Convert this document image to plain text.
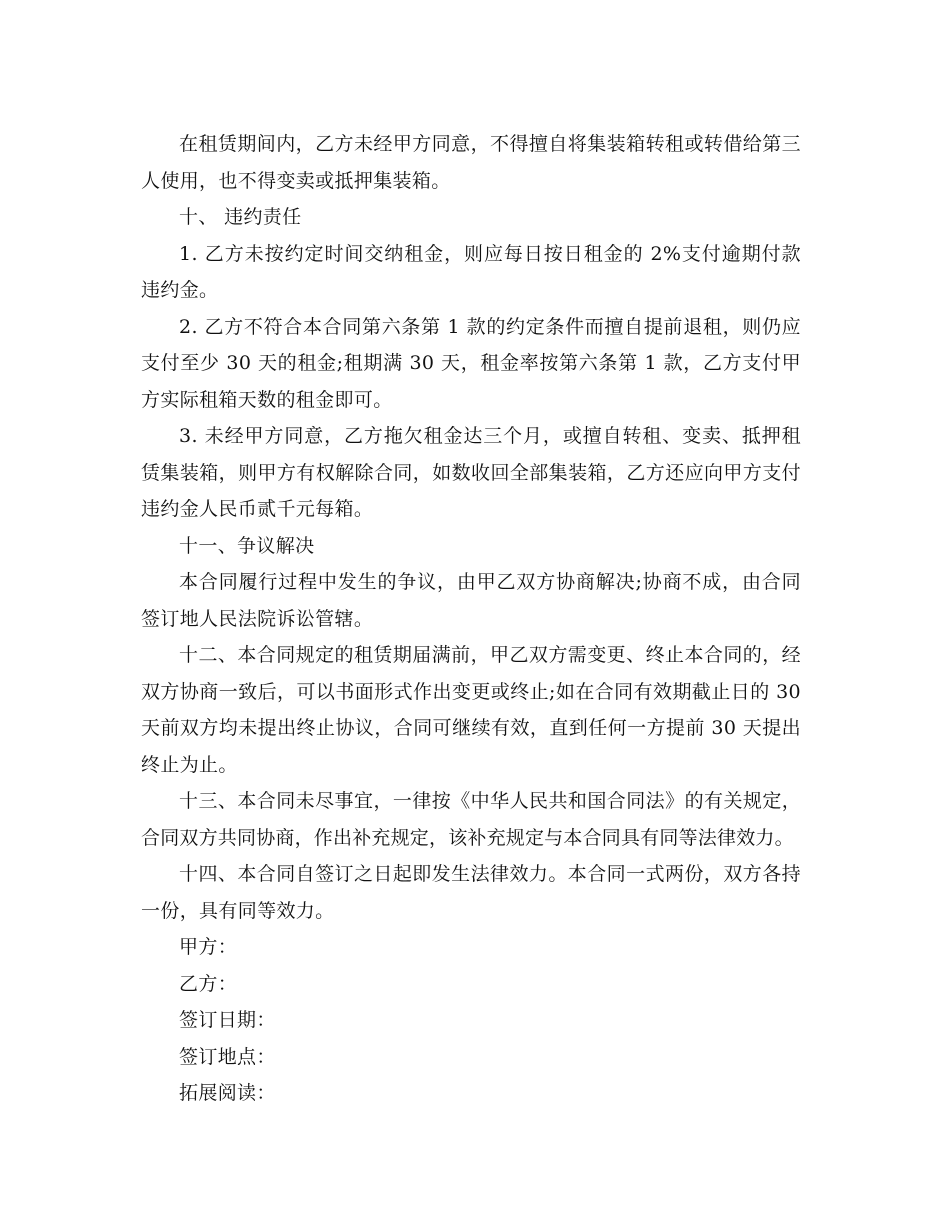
在租赁期间内，乙方未经甲方同意，不得擅自将集装箱转租或转借给第三人使用，也不得变卖或抵押集装箱。

十、 违约责任

1. 乙方未按约定时间交纳租金，则应每日按日租金的 2%支付逾期付款违约金。

2. 乙方不符合本合同第六条第 1 款的约定条件而擅自提前退租，则仍应支付至少 30 天的租金;租期满 30 天，租金率按第六条第 1 款，乙方支付甲方实际租箱天数的租金即可。

3. 未经甲方同意，乙方拖欠租金达三个月，或擅自转租、变卖、抵押租赁集装箱，则甲方有权解除合同，如数收回全部集装箱，乙方还应向甲方支付违约金人民币贰千元每箱。

十一、争议解决

本合同履行过程中发生的争议，由甲乙双方协商解决;协商不成，由合同签订地人民法院诉讼管辖。

十二、本合同规定的租赁期届满前，甲乙双方需变更、终止本合同的，经双方协商一致后，可以书面形式作出变更或终止;如在合同有效期截止日的 30 天前双方均未提出终止协议，合同可继续有效，直到任何一方提前 30 天提出终止为止。

十三、本合同未尽事宜，一律按《中华人民共和国合同法》的有关规定，合同双方共同协商，作出补充规定，该补充规定与本合同具有同等法律效力。

十四、本合同自签订之日起即发生法律效力。本合同一式两份，双方各持一份，具有同等效力。

甲方：

乙方：

签订日期：

签订地点：

拓展阅读：
